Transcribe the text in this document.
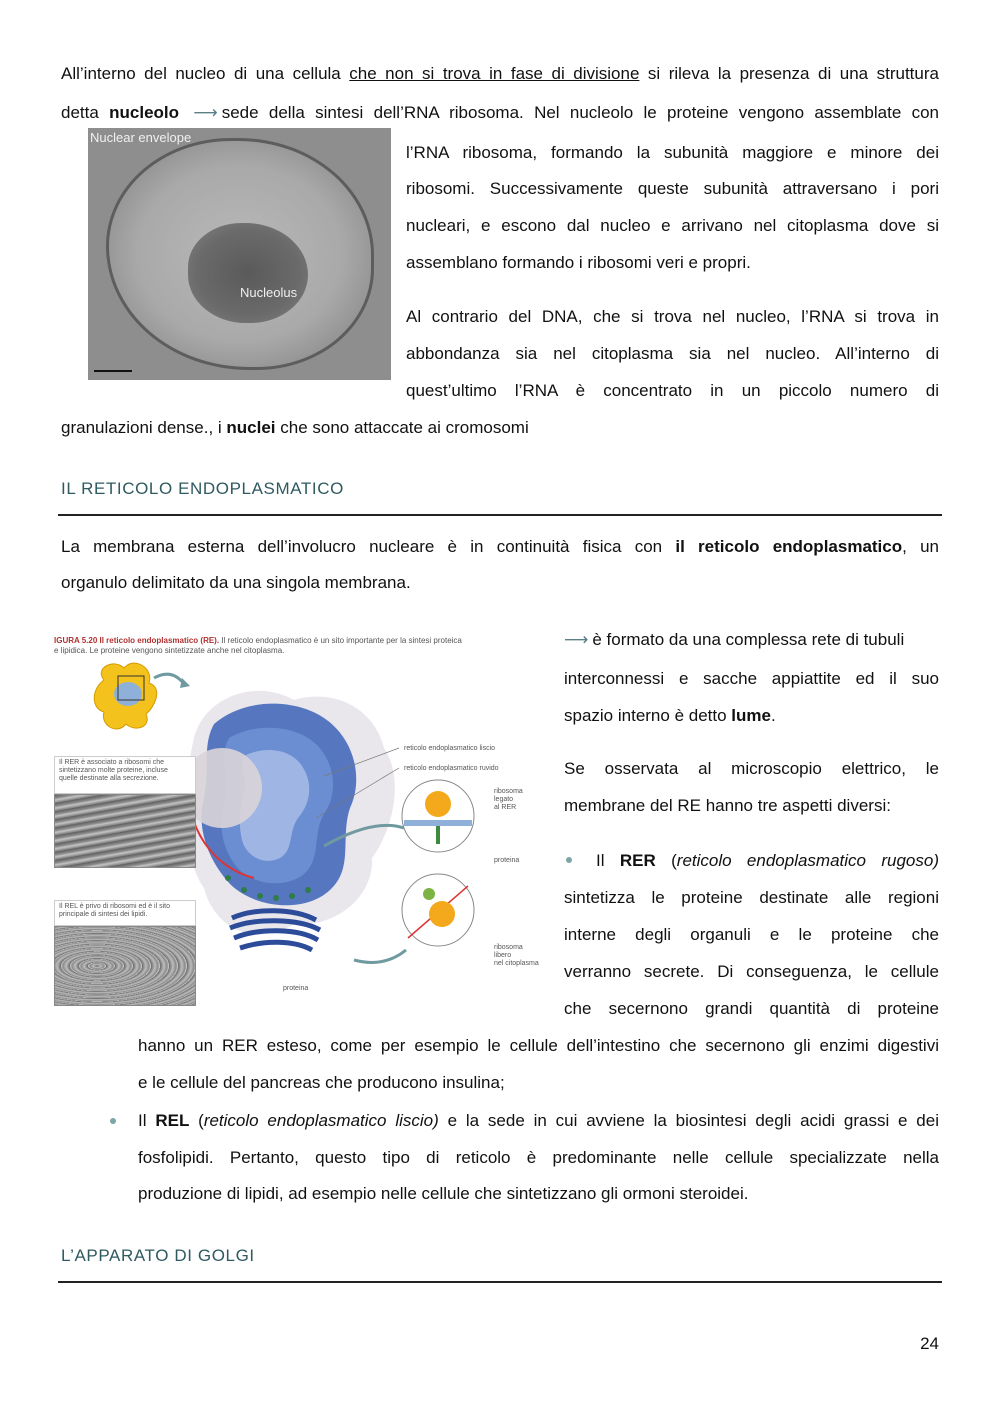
All’interno del nucleo di una cellula che non si trova in fase di divisione si rileva la presenza di una struttura
detta nucleolo ⟶ sede della sintesi dell’RNA ribosoma. Nel nucleolo le proteine vengono assemblate con
l’RNA ribosoma, formando la subunità maggiore e minore dei
ribosomi. Successivamente queste subunità attraversano i pori
nucleari, e escono dal nucleo e arrivano nel citoplasma dove si
assemblano formando i ribosomi veri e propri.
Nuclear envelope
Nucleolus
Al contrario del DNA, che si trova nel nucleo, l’RNA si trova in
abbondanza sia nel citoplasma sia nel nucleo. All’interno di
quest’ultimo l’RNA è concentrato in un piccolo numero di
granulazioni dense., i nuclei che sono attaccate ai cromosomi
IL RETICOLO ENDOPLASMATICO
La membrana esterna dell’involucro nucleare è in continuità fisica con il reticolo endoplasmatico, un
organulo delimitato da una singola membrana.
IGURA 5.20 Il reticolo endoplasmatico (RE). Il reticolo endoplasmatico è un sito importante per la sintesi proteica
e lipidica. Le proteine vengono sintetizzate anche nel citoplasma.
reticolo endoplasmatico liscio
reticolo endoplasmatico ruvido
ribosoma
legato
al RER
proteina
ribosoma
libero
nel citoplasma
proteina
Il RER è associato a ribosomi che
sintetizzano molte proteine, incluse
quelle destinate alla secrezione.
Il REL è privo di ribosomi ed è il sito
principale di sintesi dei lipidi.
⟶ è formato da una complessa rete di tubuli
interconnessi e sacche appiattite ed il suo
spazio interno è detto lume.
Se osservata al microscopio elettrico, le
membrane del RE hanno tre aspetti diversi:
Il RER (reticolo endoplasmatico rugoso)
sintetizza le proteine destinate alle regioni
interne degli organuli e le proteine che
verranno secrete. Di conseguenza, le cellule
che secernono grandi quantità di proteine
hanno un RER esteso, come per esempio le cellule dell’intestino che secernono gli enzimi digestivi
e le cellule del pancreas che producono insulina;
Il REL (reticolo endoplasmatico liscio) e la sede in cui avviene la biosintesi degli acidi grassi e dei
fosfolipidi. Pertanto, questo tipo di reticolo è predominante nelle cellule specializzate nella
produzione di lipidi, ad esempio nelle cellule che sintetizzano gli ormoni steroidei.
L’APPARATO DI GOLGI
24
